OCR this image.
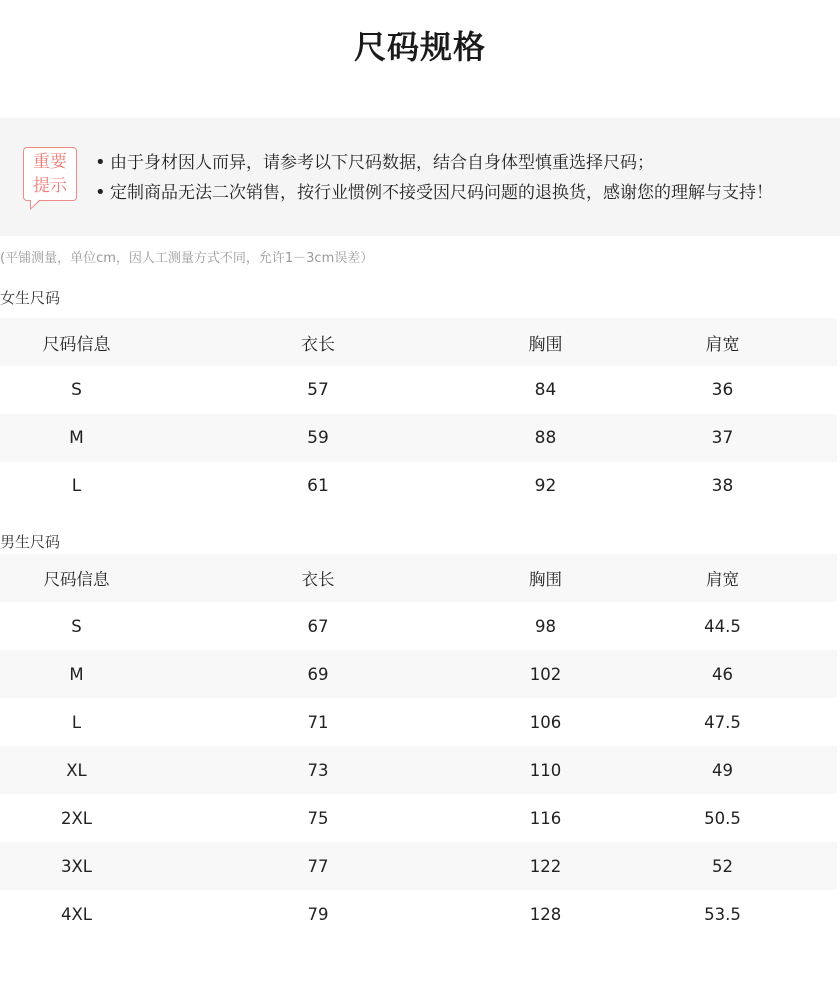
尺码规格
重要
提示
• 由于身材因人而异，请参考以下尺码数据，结合自身体型慎重选择尺码；
• 定制商品无法二次销售，按行业惯例不接受因尺码问题的退换货，感谢您的理解与支持！
(平铺测量，单位cm，因人工测量方式不同，允许1－3cm误差）
女生尺码
尺码信息	衣长	胸围	肩宽
S	57	84	36
M	59	88	37
L	61	92	38
男生尺码
尺码信息	衣长	胸围	肩宽
S	67	98	44.5
M	69	102	46
L	71	106	47.5
XL	73	110	49
2XL	75	116	50.5
3XL	77	122	52
4XL	79	128	53.5
